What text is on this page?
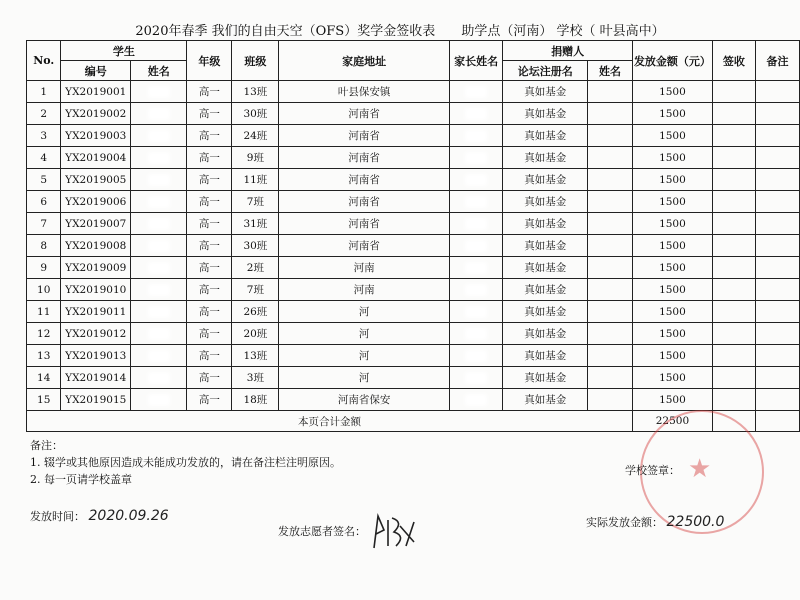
2020年春季 我们的自由天空（OFS）奖学金签收表 助学点（河南） 学校（ 叶县高中）
No.	学生		年级	班级	家庭地址	家长姓名	捐赠人		发放金额（元）	签收	备注
	编号	姓名					论坛注册名	姓名			
1	YX2019001		高一	13班	叶县保安镇		真如基金		1500		
2	YX2019002		高一	30班	河南省		真如基金		1500		
3	YX2019003		高一	24班	河南省		真如基金		1500		
4	YX2019004		高一	9班	河南省		真如基金		1500		
5	YX2019005		高一	11班	河南省		真如基金		1500		
6	YX2019006		高一	7班	河南省		真如基金		1500		
7	YX2019007		高一	31班	河南省		真如基金		1500		
8	YX2019008		高一	30班	河南省		真如基金		1500		
9	YX2019009		高一	2班	河南		真如基金		1500		
10	YX2019010		高一	7班	河南		真如基金		1500		
11	YX2019011		高一	26班	河		真如基金		1500		
12	YX2019012		高一	20班	河		真如基金		1500		
13	YX2019013		高一	13班	河		真如基金		1500		
14	YX2019014		高一	3班	河		真如基金		1500		
15	YX2019015		高一	18班	河南省保安		真如基金		1500		
本页合计金额									22500		
备注：
1. 辍学或其他原因造成未能成功发放的，请在备注栏注明原因。
2. 每一页请学校盖章	★
学校签章：
发放时间： 2020.09.26
发放志愿者签名：
实际发放金额： 22500.0
